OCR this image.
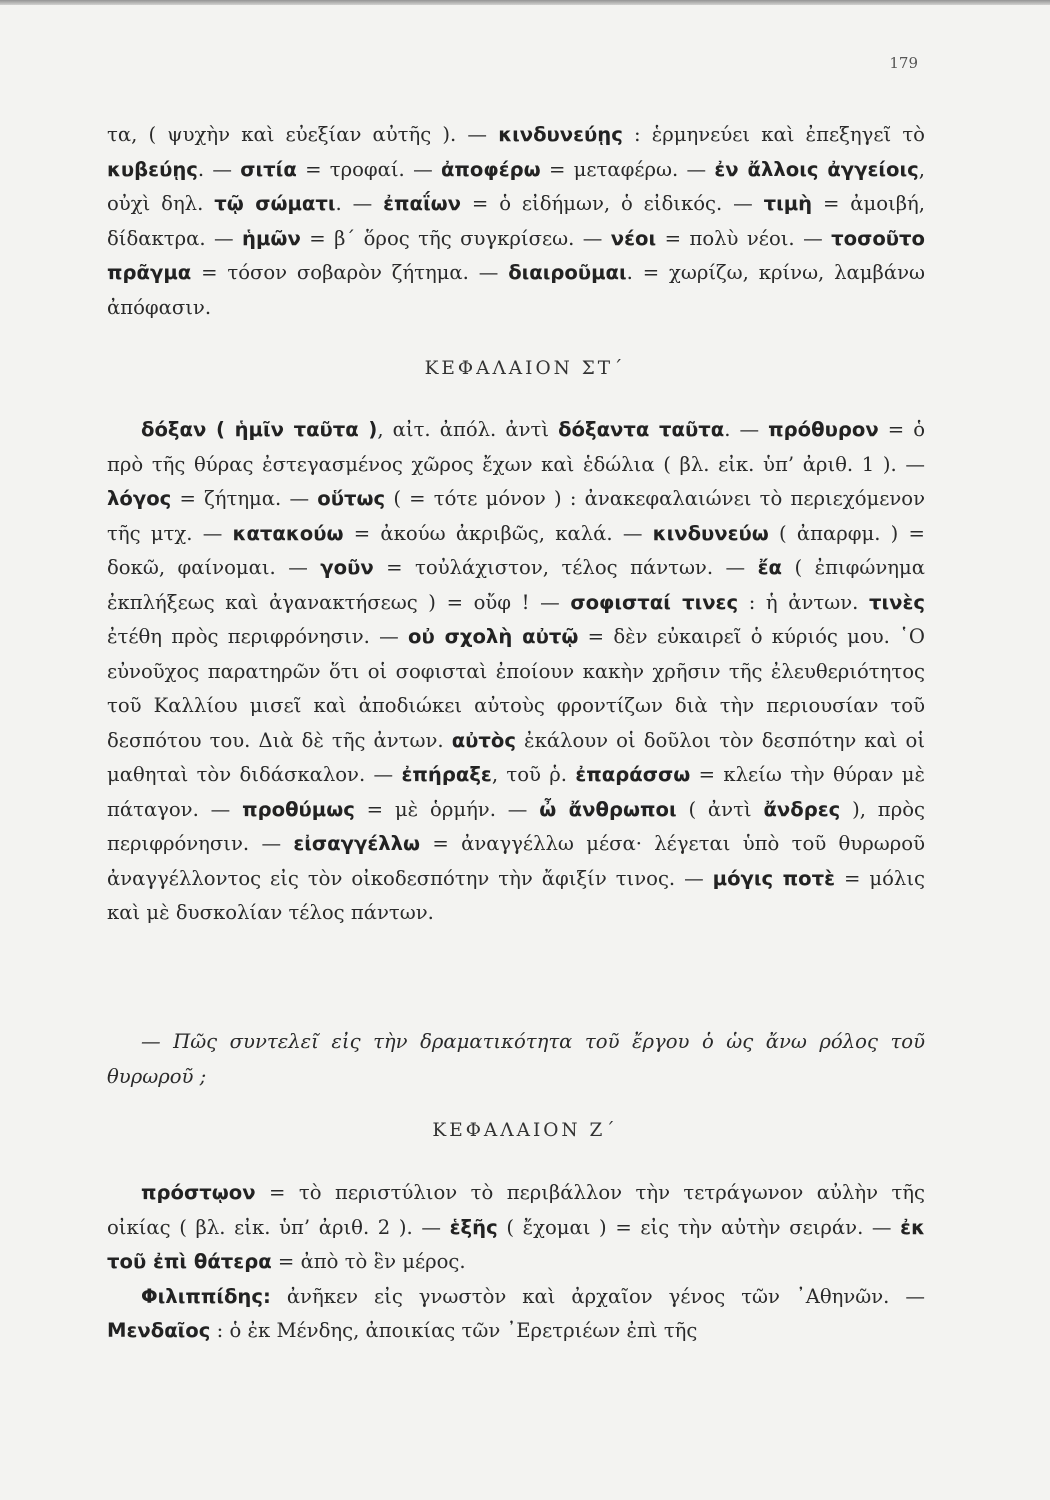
179

τα, ( ψυχὴν καὶ εὐεξίαν αὐτῆς ). — κινδυνεύῃς : ἑρμηνεύει καὶ ἐπεξηγεῖ τὸ κυβεύῃς. — σιτία = τροφαί. — ἀποφέρω = μεταφέρω. — ἐν ἄλλοις ἀγγείοις, οὐχὶ δηλ. τῷ σώματι. — ἐπαΐων = ὁ εἰδήμων, ὁ εἰδικός. — τιμὴ = ἀμοιβή, δίδακτρα. — ἡμῶν = β΄ ὅρος τῆς συγκρίσεω. — νέοι = πολὺ νέοι. — τοσοῦτο πρᾶγμα = τόσον σοβαρὸν ζήτημα. — διαιροῦμαι. = χωρίζω, κρίνω, λαμβάνω ἀπόφασιν.

ΚΕΦΑΛΑΙΟΝ ΣΤ΄

δόξαν ( ἡμῖν ταῦτα ), αἰτ. ἀπόλ. ἀντὶ δόξαντα ταῦτα. — πρόθυρον = ὁ πρὸ τῆς θύρας ἐστεγασμένος χῶρος ἔχων καὶ ἑδώλια ( βλ. εἰκ. ὑπ’ ἀριθ. 1 ). — λόγος = ζήτημα. — οὕτως ( = τότε μόνον ) : ἀνακεφαλαιώνει τὸ περιεχόμενον τῆς μτχ. — κατακούω = ἀκούω ἀκριβῶς, καλά. — κινδυνεύω ( ἀπαρφμ. ) = δοκῶ, φαίνομαι. — γοῦν = τοὐλάχιστον, τέλος πάντων. — ἔα ( ἐπιφώνημα ἐκπλήξεως καὶ ἀγανακτήσεως ) = οὔφ ! — σοφισταί τινες : ἡ ἀντων. τινὲς ἐτέθη πρὸς περιφρόνησιν. — οὐ σχολὴ αὐτῷ = δὲν εὐκαιρεῖ ὁ κύριός μου. ῾Ο εὐνοῦχος παρατηρῶν ὅτι οἱ σοφισταὶ ἐποίουν κακὴν χρῆσιν τῆς ἐλευθεριότητος τοῦ Καλλίου μισεῖ καὶ ἀποδιώκει αὐτοὺς φροντίζων διὰ τὴν περιουσίαν τοῦ δεσπότου του. Διὰ δὲ τῆς ἀντων. αὐτὸς ἐκάλουν οἱ δοῦλοι τὸν δεσπότην καὶ οἱ μαθηταὶ τὸν διδάσκαλον. — ἐπήραξε, τοῦ ῥ. ἐπαράσσω = κλείω τὴν θύραν μὲ πάταγον. — προθύμως = μὲ ὁρμήν. — ὦ ἄνθρωποι ( ἀντὶ ἄνδρες ), πρὸς περιφρόνησιν. — εἰσαγγέλλω = ἀναγγέλλω μέσα· λέγεται ὑπὸ τοῦ θυρωροῦ ἀναγγέλλοντος εἰς τὸν οἰκοδεσπότην τὴν ἄφιξίν τινος. — μόγις ποτὲ = μόλις καὶ μὲ δυσκολίαν τέλος πάντων.

— Πῶς συντελεῖ εἰς τὴν δραματικότητα τοῦ ἔργου ὁ ὡς ἄνω ρόλος τοῦ θυρωροῦ ;

ΚΕΦΑΛΑΙΟΝ Ζ΄

πρόστῳον = τὸ περιστύλιον τὸ περιβάλλον τὴν τετράγωνον αὐλὴν τῆς οἰκίας ( βλ. εἰκ. ὑπ’ ἀριθ. 2 ). — ἑξῆς ( ἔχομαι ) = εἰς τὴν αὐτὴν σειράν. — ἐκ τοῦ ἐπὶ θάτερα = ἀπὸ τὸ ἓν μέρος.

Φιλιππίδης: ἀνῆκεν εἰς γνωστὸν καὶ ἀρχαῖον γένος τῶν ᾿Αθηνῶν. — Μενδαῖος : ὁ ἐκ Μένδης, ἀποικίας τῶν ᾿Ερετριέων ἐπὶ τῆς
